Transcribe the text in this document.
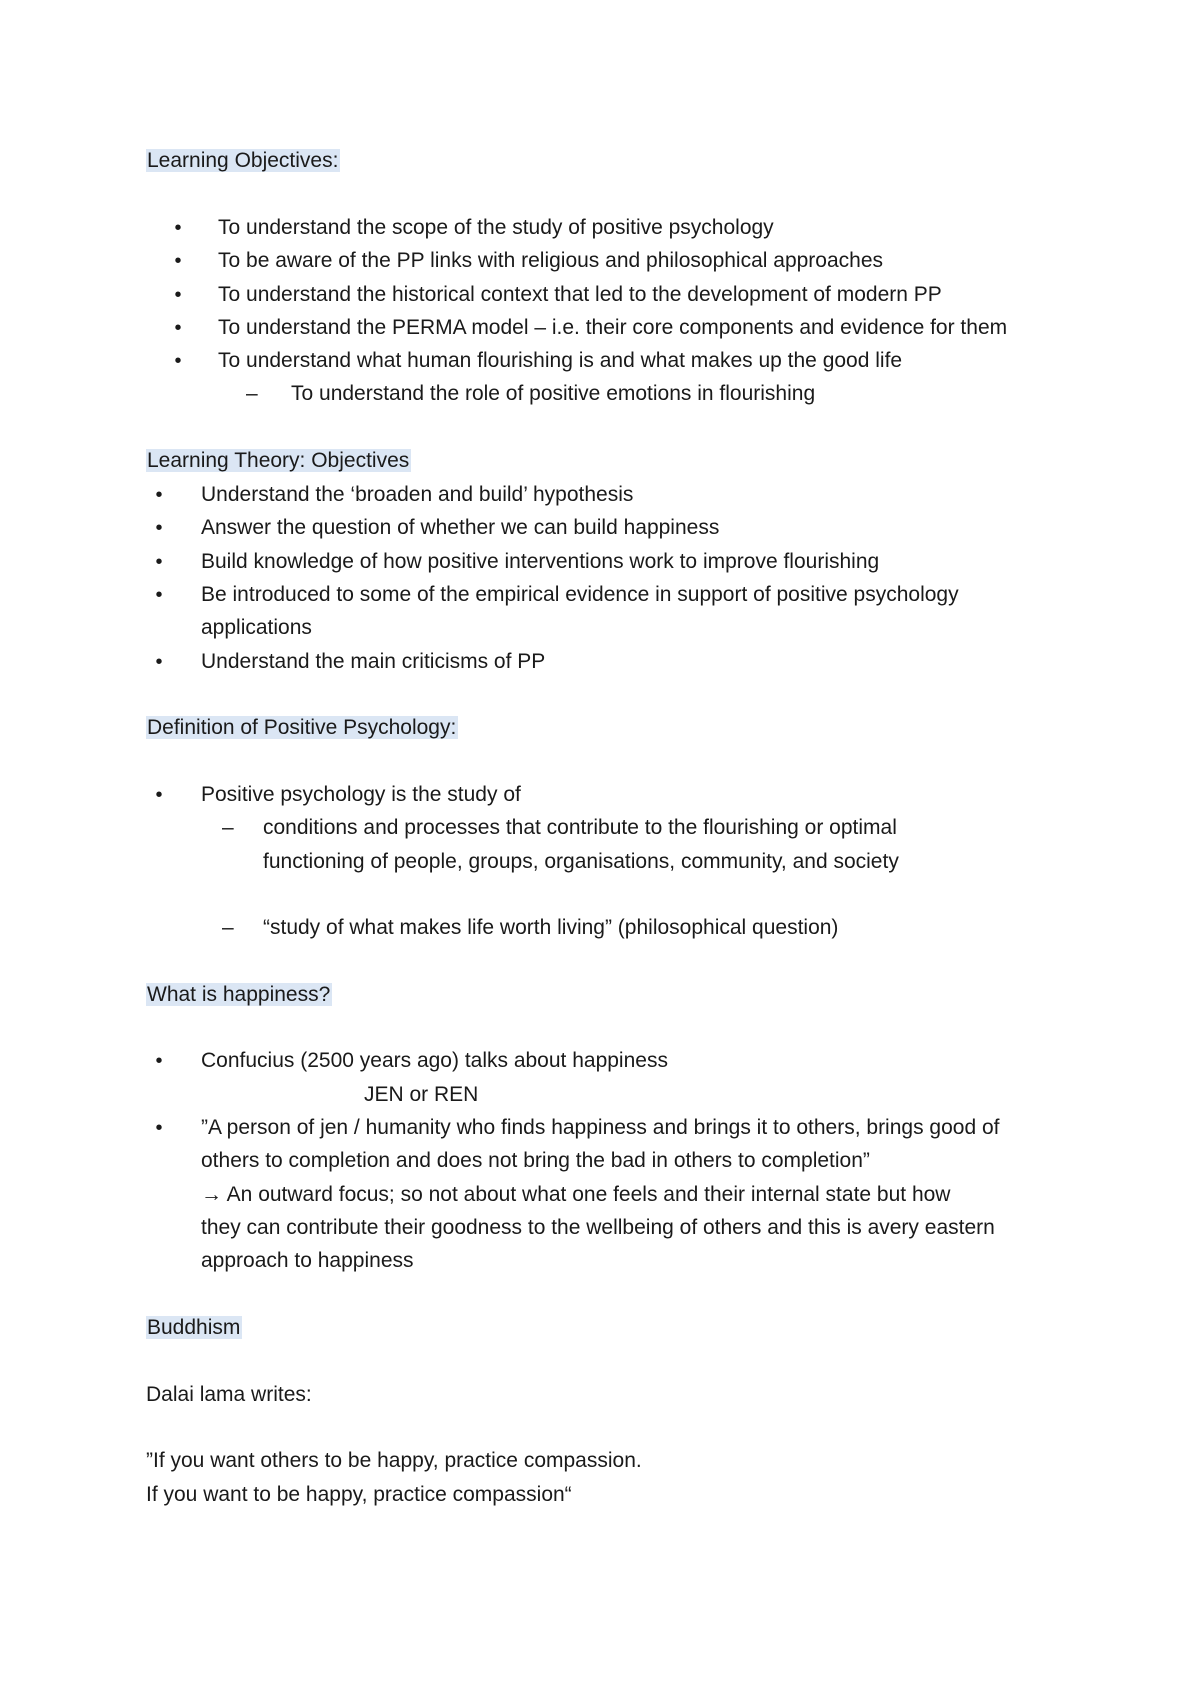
Learning Objectives:
• To understand the scope of the study of positive psychology
• To be aware of the PP links with religious and philosophical approaches
• To understand the historical context that led to the development of modern PP
• To understand the PERMA model – i.e. their core components and evidence for them
• To understand what human flourishing is and what makes up the good life
– To understand the role of positive emotions in flourishing
Learning Theory: Objectives
• Understand the ‘broaden and build’ hypothesis
• Answer the question of whether we can build happiness
• Build knowledge of how positive interventions work to improve flourishing
• Be introduced to some of the empirical evidence in support of positive psychology
applications
• Understand the main criticisms of PP
Definition of Positive Psychology:
• Positive psychology is the study of
– conditions and processes that contribute to the flourishing or optimal
functioning of people, groups, organisations, community, and society
– “study of what makes life worth living” (philosophical question)
What is happiness?
• Confucius (2500 years ago) talks about happiness
JEN or REN
• ”A person of jen / humanity who finds happiness and brings it to others, brings good of
others to completion and does not bring the bad in others to completion”
→ An outward focus; so not about what one feels and their internal state but how
they can contribute their goodness to the wellbeing of others and this is avery eastern
approach to happiness
Buddhism
Dalai lama writes:
”If you want others to be happy, practice compassion.
If you want to be happy, practice compassion“
